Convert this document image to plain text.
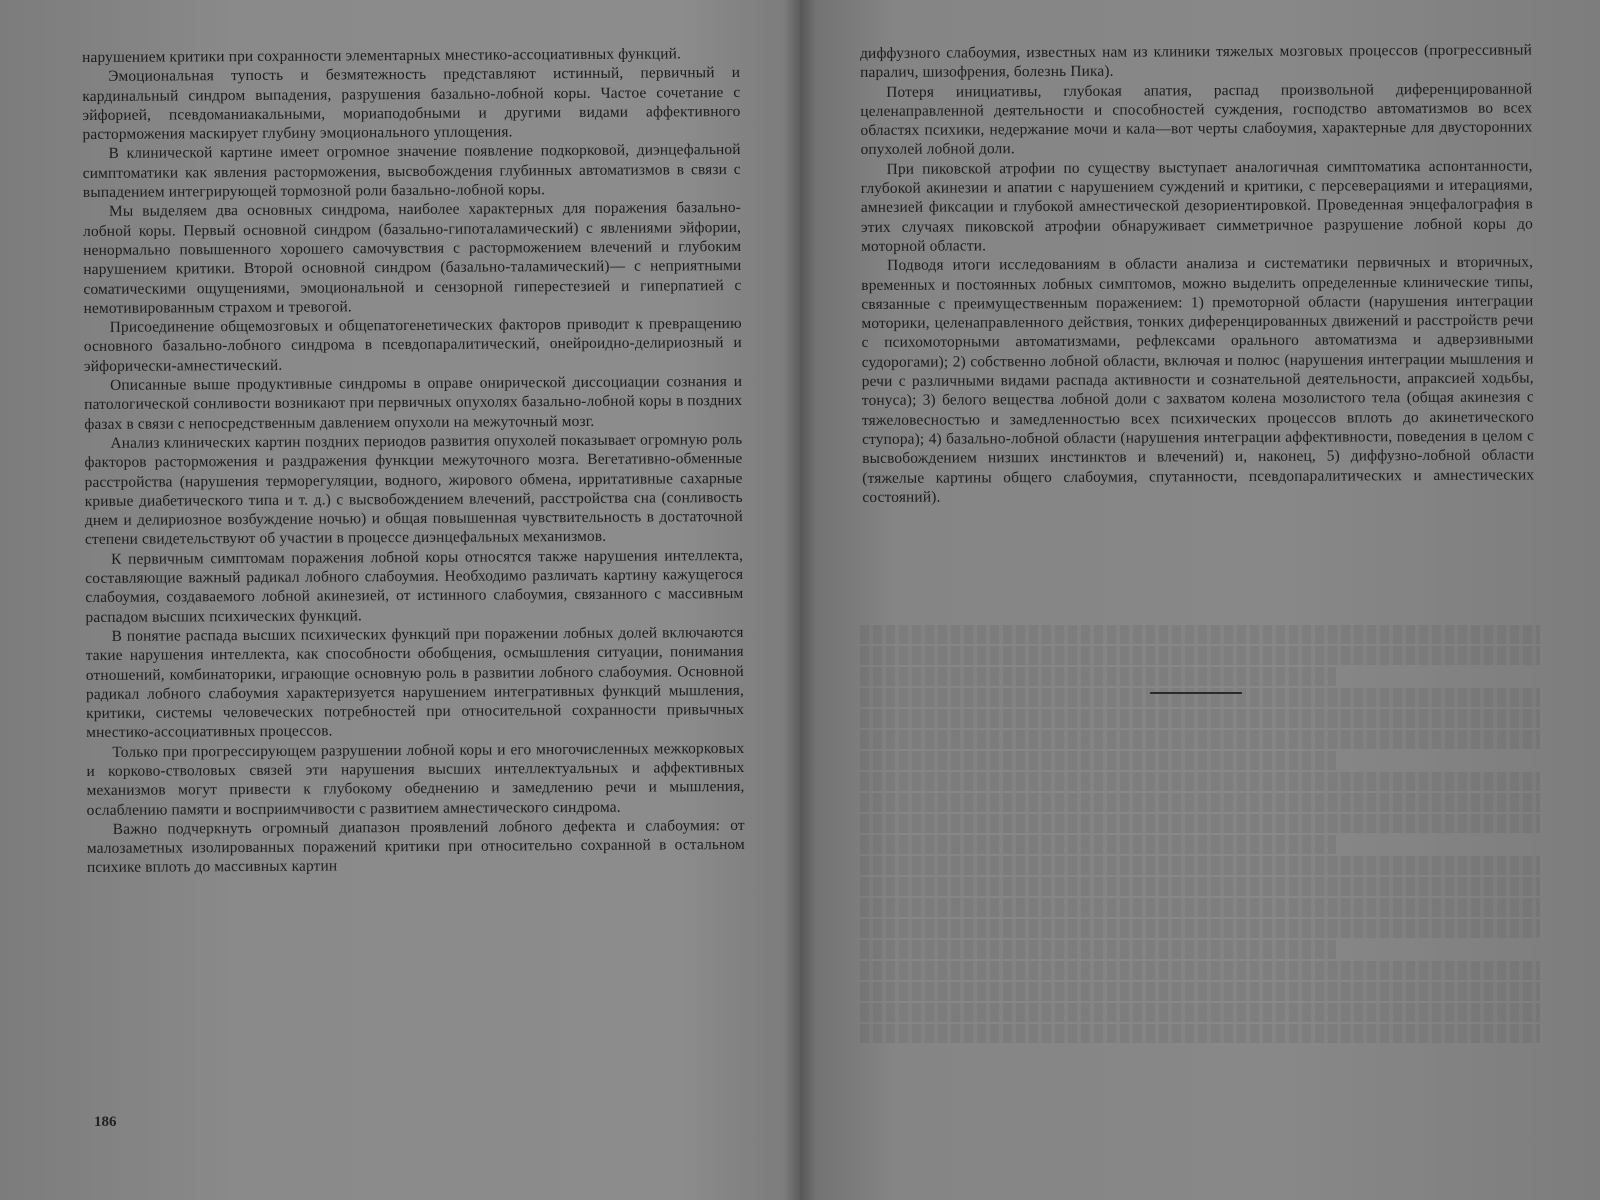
нарушением критики при сохранности элементарных мнестико-ассоциативных функций.

Эмоциональная тупость и безмятежность представляют истинный, первичный и кардинальный синдром выпадения, разрушения базально-лобной коры. Частое сочетание с эйфорией, псевдоманиакальными, мориаподобными и другими видами аффективного расторможения маскирует глубину эмоционального уплощения.

В клинической картине имеет огромное значение появление подкорковой, диэнцефальной симптоматики как явления расторможения, высвобождения глубинных автоматизмов в связи с выпадением интегрирующей тормозной роли базально-лобной коры.

Мы выделяем два основных синдрома, наиболее характерных для поражения базально-лобной коры. Первый основной синдром (базально-гипоталамический) с явлениями эйфории, ненормально повышенного хорошего самочувствия с расторможением влечений и глубоким нарушением критики. Второй основной синдром (базально-таламический)— с неприятными соматическими ощущениями, эмоциональной и сензорной гиперестезией и гиперпатией с немотивированным страхом и тревогой.

Присоединение общемозговых и общепатогенетических факторов приводит к превращению основного базально-лобного синдрома в псевдопаралитический, онейроидно-делириозный и эйфорически-амнестический.

Описанные выше продуктивные синдромы в оправе онирической диссоциации сознания и патологической сонливости возникают при первичных опухолях базально-лобной коры в поздних фазах в связи с непосредственным давлением опухоли на межуточный мозг.

Анализ клинических картин поздних периодов развития опухолей показывает огромную роль факторов расторможения и раздражения функции межуточного мозга. Вегетативно-обменные расстройства (нарушения терморегуляции, водного, жирового обмена, ирритативные сахарные кривые диабетического типа и т. д.) с высвобождением влечений, расстройства сна (сонливость днем и делириозное возбуждение ночью) и общая повышенная чувствительность в достаточной степени свидетельствуют об участии в процессе диэнцефальных механизмов.

К первичным симптомам поражения лобной коры относятся также нарушения интеллекта, составляющие важный радикал лобного слабоумия. Необходимо различать картину кажущегося слабоумия, создаваемого лобной акинезией, от истинного слабоумия, связанного с массивным распадом высших психических функций.

В понятие распада высших психических функций при поражении лобных долей включаются такие нарушения интеллекта, как способности обобщения, осмышления ситуации, понимания отношений, комбинаторики, играющие основную роль в развитии лобного слабоумия. Основной радикал лобного слабоумия характеризуется нарушением интегративных функций мышления, критики, системы человеческих потребностей при относительной сохранности привычных мнестико-ассоциативных процессов.

Только при прогрессирующем разрушении лобной коры и его многочисленных межкорковых и корково-стволовых связей эти нарушения высших интеллектуальных и аффективных механизмов могут привести к глубокому обеднению и замедлению речи и мышления, ослаблению памяти и восприимчивости с развитием амнестического синдрома.

Важно подчеркнуть огромный диапазон проявлений лобного дефекта и слабоумия: от малозаметных изолированных поражений критики при относительно сохранной в остальном психике вплоть до массивных картин

186

диффузного слабоумия, известных нам из клиники тяжелых мозговых процессов (прогрессивный паралич, шизофрения, болезнь Пика).

Потеря инициативы, глубокая апатия, распад произвольной диференцированной целенаправленной деятельности и способностей суждения, господство автоматизмов во всех областях психики, недержание мочи и кала—вот черты слабоумия, характерные для двусторонних опухолей лобной доли.

При пиковской атрофии по существу выступает аналогичная симптоматика аспонтанности, глубокой акинезии и апатии с нарушением суждений и критики, с персеверациями и итерациями, амнезией фиксации и глубокой амнестической дезориентировкой. Проведенная энцефалография в этих случаях пиковской атрофии обнаруживает симметричное разрушение лобной коры до моторной области.

Подводя итоги исследованиям в области анализа и систематики первичных и вторичных, временных и постоянных лобных симптомов, можно выделить определенные клинические типы, связанные с преимущественным поражением: 1) премоторной области (нарушения интеграции моторики, целенаправленного действия, тонких диференцированных движений и расстройств речи с психомоторными автоматизмами, рефлексами орального автоматизма и адверзивными судорогами); 2) собственно лобной области, включая и полюс (нарушения интеграции мышления и речи с различными видами распада активности и сознательной деятельности, апраксией ходьбы, тонуса); 3) белого вещества лобной доли с захватом колена мозолистого тела (общая акинезия с тяжеловесностью и замедленностью всех психических процессов вплоть до акинетического ступора); 4) базально-лобной области (нарушения интеграции аффективности, поведения в целом с высвобождением низших инстинктов и влечений) и, наконец, 5) диффузно-лобной области (тяжелые картины общего слабоумия, спутанности, псевдопаралитических и амнестических состояний).
